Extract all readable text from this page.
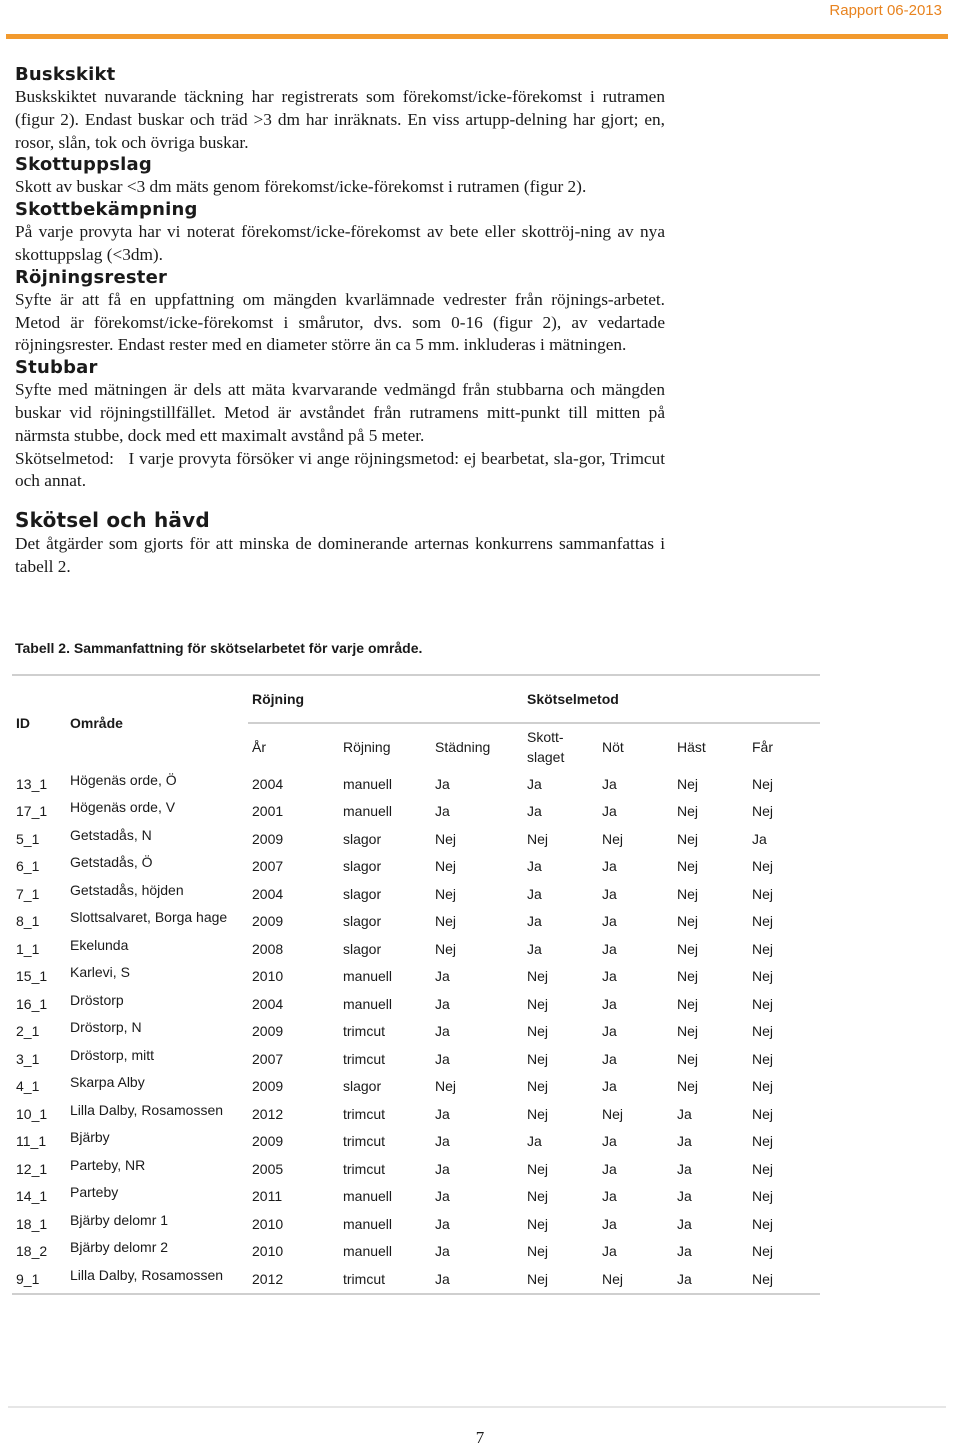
Rapport 06-2013
Buskskikt

Buskskiktet nuvarande täckning har registrerats som förekomst/icke-förekomst i rutramen (figur 2). Endast buskar och träd >3 dm har inräknats. En viss artupp-delning har gjort; en, rosor, slån, tok och övriga buskar.

Skottuppslag

Skott av buskar <3 dm mäts genom förekomst/icke-förekomst i rutramen (figur 2).

Skottbekämpning

På varje provyta har vi noterat förekomst/icke-förekomst av bete eller skottröj-ning av nya skottuppslag (<3dm).

Röjningsrester

Syfte är att få en uppfattning om mängden kvarlämnade vedrester från röjnings-arbetet. Metod är förekomst/icke-förekomst i smårutor, dvs. som 0-16 (figur 2), av vedartade röjningsrester. Endast rester med en diameter större än ca 5 mm. inkluderas i mätningen.

Stubbar

Syfte med mätningen är dels att mäta kvarvarande vedmängd från stubbarna och mängden buskar vid röjningstillfället. Metod är avståndet från rutramens mitt-punkt till mitten på närmsta stubbe, dock med ett maximalt avstånd på 5 meter.

Skötselmetod:   I varje provyta försöker vi ange röjningsmetod: ej bearbetat, sla-gor, Trimcut och annat.

Skötsel och hävd

Det åtgärder som gjorts för att minska de dominerande arternas konkurrens sammanfattas i tabell 2.

Tabell 2. Sammanfattning för skötselarbetet för varje område.
ID	Område	Röjning			Skötselmetod			
		År	Röjning	Städning	Skott-slaget	Nöt	Häst	Får
13_1	Högenäs orde, Ö	2004	manuell	Ja	Ja	Ja	Nej	Nej
17_1	Högenäs orde, V	2001	manuell	Ja	Ja	Ja	Nej	Nej
5_1	Getstadås, N	2009	slagor	Nej	Nej	Nej	Nej	Ja
6_1	Getstadås, Ö	2007	slagor	Nej	Ja	Ja	Nej	Nej
7_1	Getstadås, höjden	2004	slagor	Nej	Ja	Ja	Nej	Nej
8_1	Slottsalvaret, Borga hage	2009	slagor	Nej	Ja	Ja	Nej	Nej
1_1	Ekelunda	2008	slagor	Nej	Ja	Ja	Nej	Nej
15_1	Karlevi, S	2010	manuell	Ja	Nej	Ja	Nej	Nej
16_1	Dröstorp	2004	manuell	Ja	Nej	Ja	Nej	Nej
2_1	Dröstorp, N	2009	trimcut	Ja	Nej	Ja	Nej	Nej
3_1	Dröstorp, mitt	2007	trimcut	Ja	Nej	Ja	Nej	Nej
4_1	Skarpa Alby	2009	slagor	Nej	Nej	Ja	Nej	Nej
10_1	Lilla Dalby, Rosamossen	2012	trimcut	Ja	Nej	Nej	Ja	Nej
11_1	Bjärby	2009	trimcut	Ja	Ja	Ja	Ja	Nej
12_1	Parteby, NR	2005	trimcut	Ja	Nej	Ja	Ja	Nej
14_1	Parteby	2011	manuell	Ja	Nej	Ja	Ja	Nej
18_1	Bjärby delomr 1	2010	manuell	Ja	Nej	Ja	Ja	Nej
18_2	Bjärby delomr 2	2010	manuell	Ja	Nej	Ja	Ja	Nej
9_1	Lilla Dalby, Rosamossen	2012	trimcut	Ja	Nej	Nej	Ja	Nej
7
